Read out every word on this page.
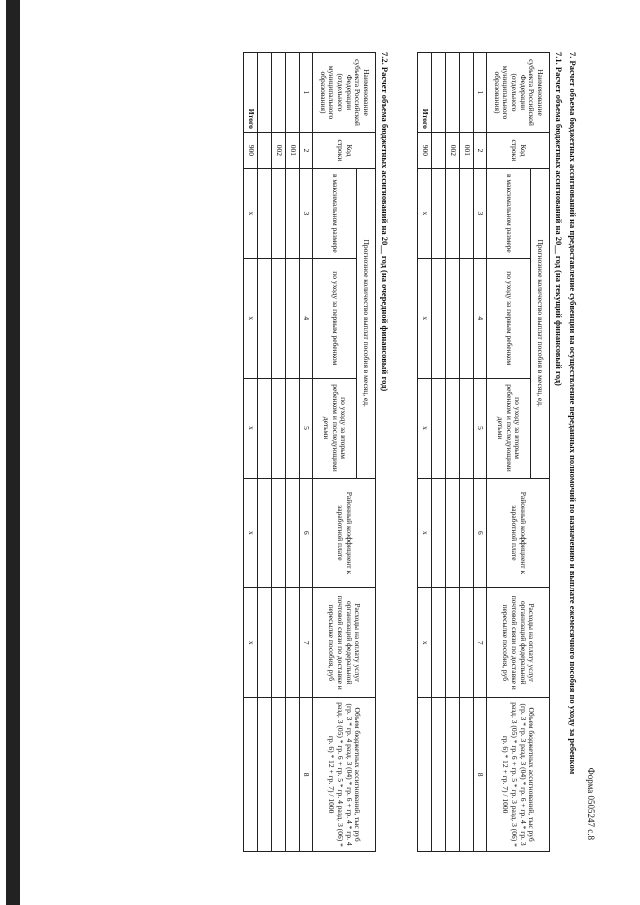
Форма 0505247 с.8
7. Расчет объема бюджетных ассигнований на предоставление субвенции на осуществление переданных полномочий по назначению и выплате ежемесячного пособия по уходу за ребенком
7.1. Расчет объема бюджетных ассигнований на 20__ год (на текущий финансовый год)
Наименование субъекта Российской Федерации (отдельного муниципального образования)	Код строки	Прогнозное количество выплат пособия в месяц, ед.			Районный коэффициент к заработной плате	Расходы на оплату услуг организаций федеральной почтовой связи по доставке и пересылке пособия, руб	Объем бюджетных ассигнований, тыс руб (гр. 3 * гр. 3 разд. 3 (04) * гр. 6 + гр. 4 * гр. 3 разд. 3 (05) * гр. 6 + гр. 5 * гр. 3 разд. 3 (06) * гр. 6) * 12 + гр. 7) / 1000
		в максимальном размере	по уходу за первым ребенком	по уходу за вторым ребенком и последующими детьми			
1	2	3	4	5	6	7	8
	001						
	002						

Итого	900	x	x	x	x	x	
7.2. Расчет объема бюджетных ассигнований на 20__ год (на очередной финансовый год)
Наименование субъекта Российской Федерации (отдельного муниципального образования)	Код строки	Прогнозное количество выплат пособия в месяц, ед.			Районный коэффициент к заработной плате	Расходы на оплату услуг организаций федеральной почтовой связи по доставке и пересылке пособия, руб	Объем бюджетных ассигнований, тыс руб (гр. 3 * гр. 4 разд. 3 (04) * гр. 6 + гр. 4 * гр. 4 разд. 3 (05) * гр. 6 + гр. 5 * гр. 4 разд. 3 (06) * гр. 6) * 12 + гр. 7) / 1000
		в максимальном размере	по уходу за первым ребенком	по уходу за вторым ребенком и последующими детьми			
1	2	3	4	5	6	7	8
	001						
	002						

Итого	900	x	x	x	x	x	
